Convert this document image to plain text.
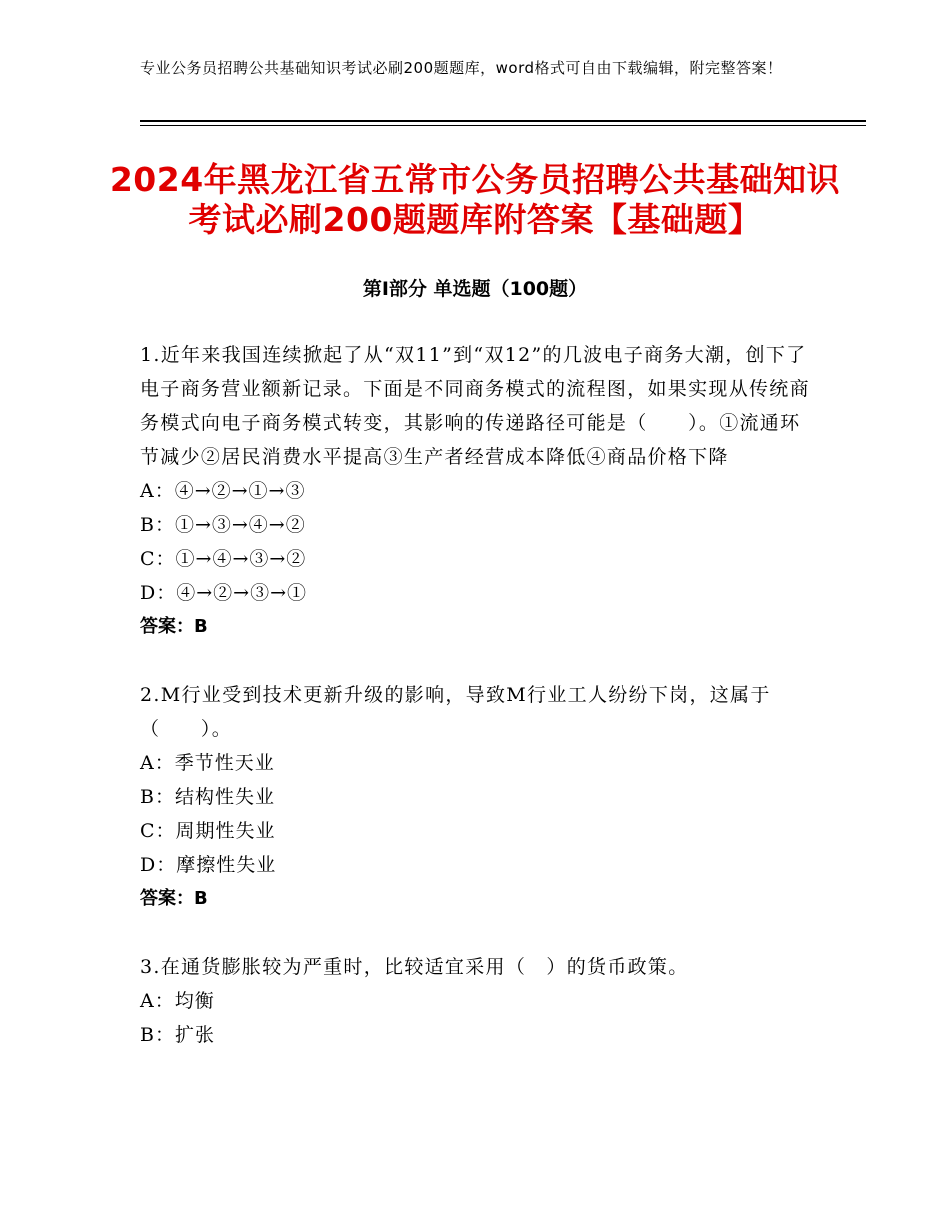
专业公务员招聘公共基础知识考试必刷200题题库，word格式可自由下载编辑，附完整答案！
2024年黑龙江省五常市公务员招聘公共基础知识考试必刷200题题库附答案【基础题】
第Ⅰ部分 单选题（100题）
1.近年来我国连续掀起了从“双11”到“双12”的几波电子商务大潮，创下了电子商务营业额新记录。下面是不同商务模式的流程图，如果实现从传统商务模式向电子商务模式转变，其影响的传递路径可能是（　　）。①流通环节减少②居民消费水平提高③生产者经营成本降低④商品价格下降
A：④→②→①→③
B：①→③→④→②
C：①→④→③→②
D：④→②→③→①
答案：B
2.M行业受到技术更新升级的影响，导致M行业工人纷纷下岗，这属于（　　）。
A：季节性天业
B：结构性失业
C：周期性失业
D：摩擦性失业
答案：B
3.在通货膨胀较为严重时，比较适宜采用（　）的货币政策。
A：均衡
B：扩张
